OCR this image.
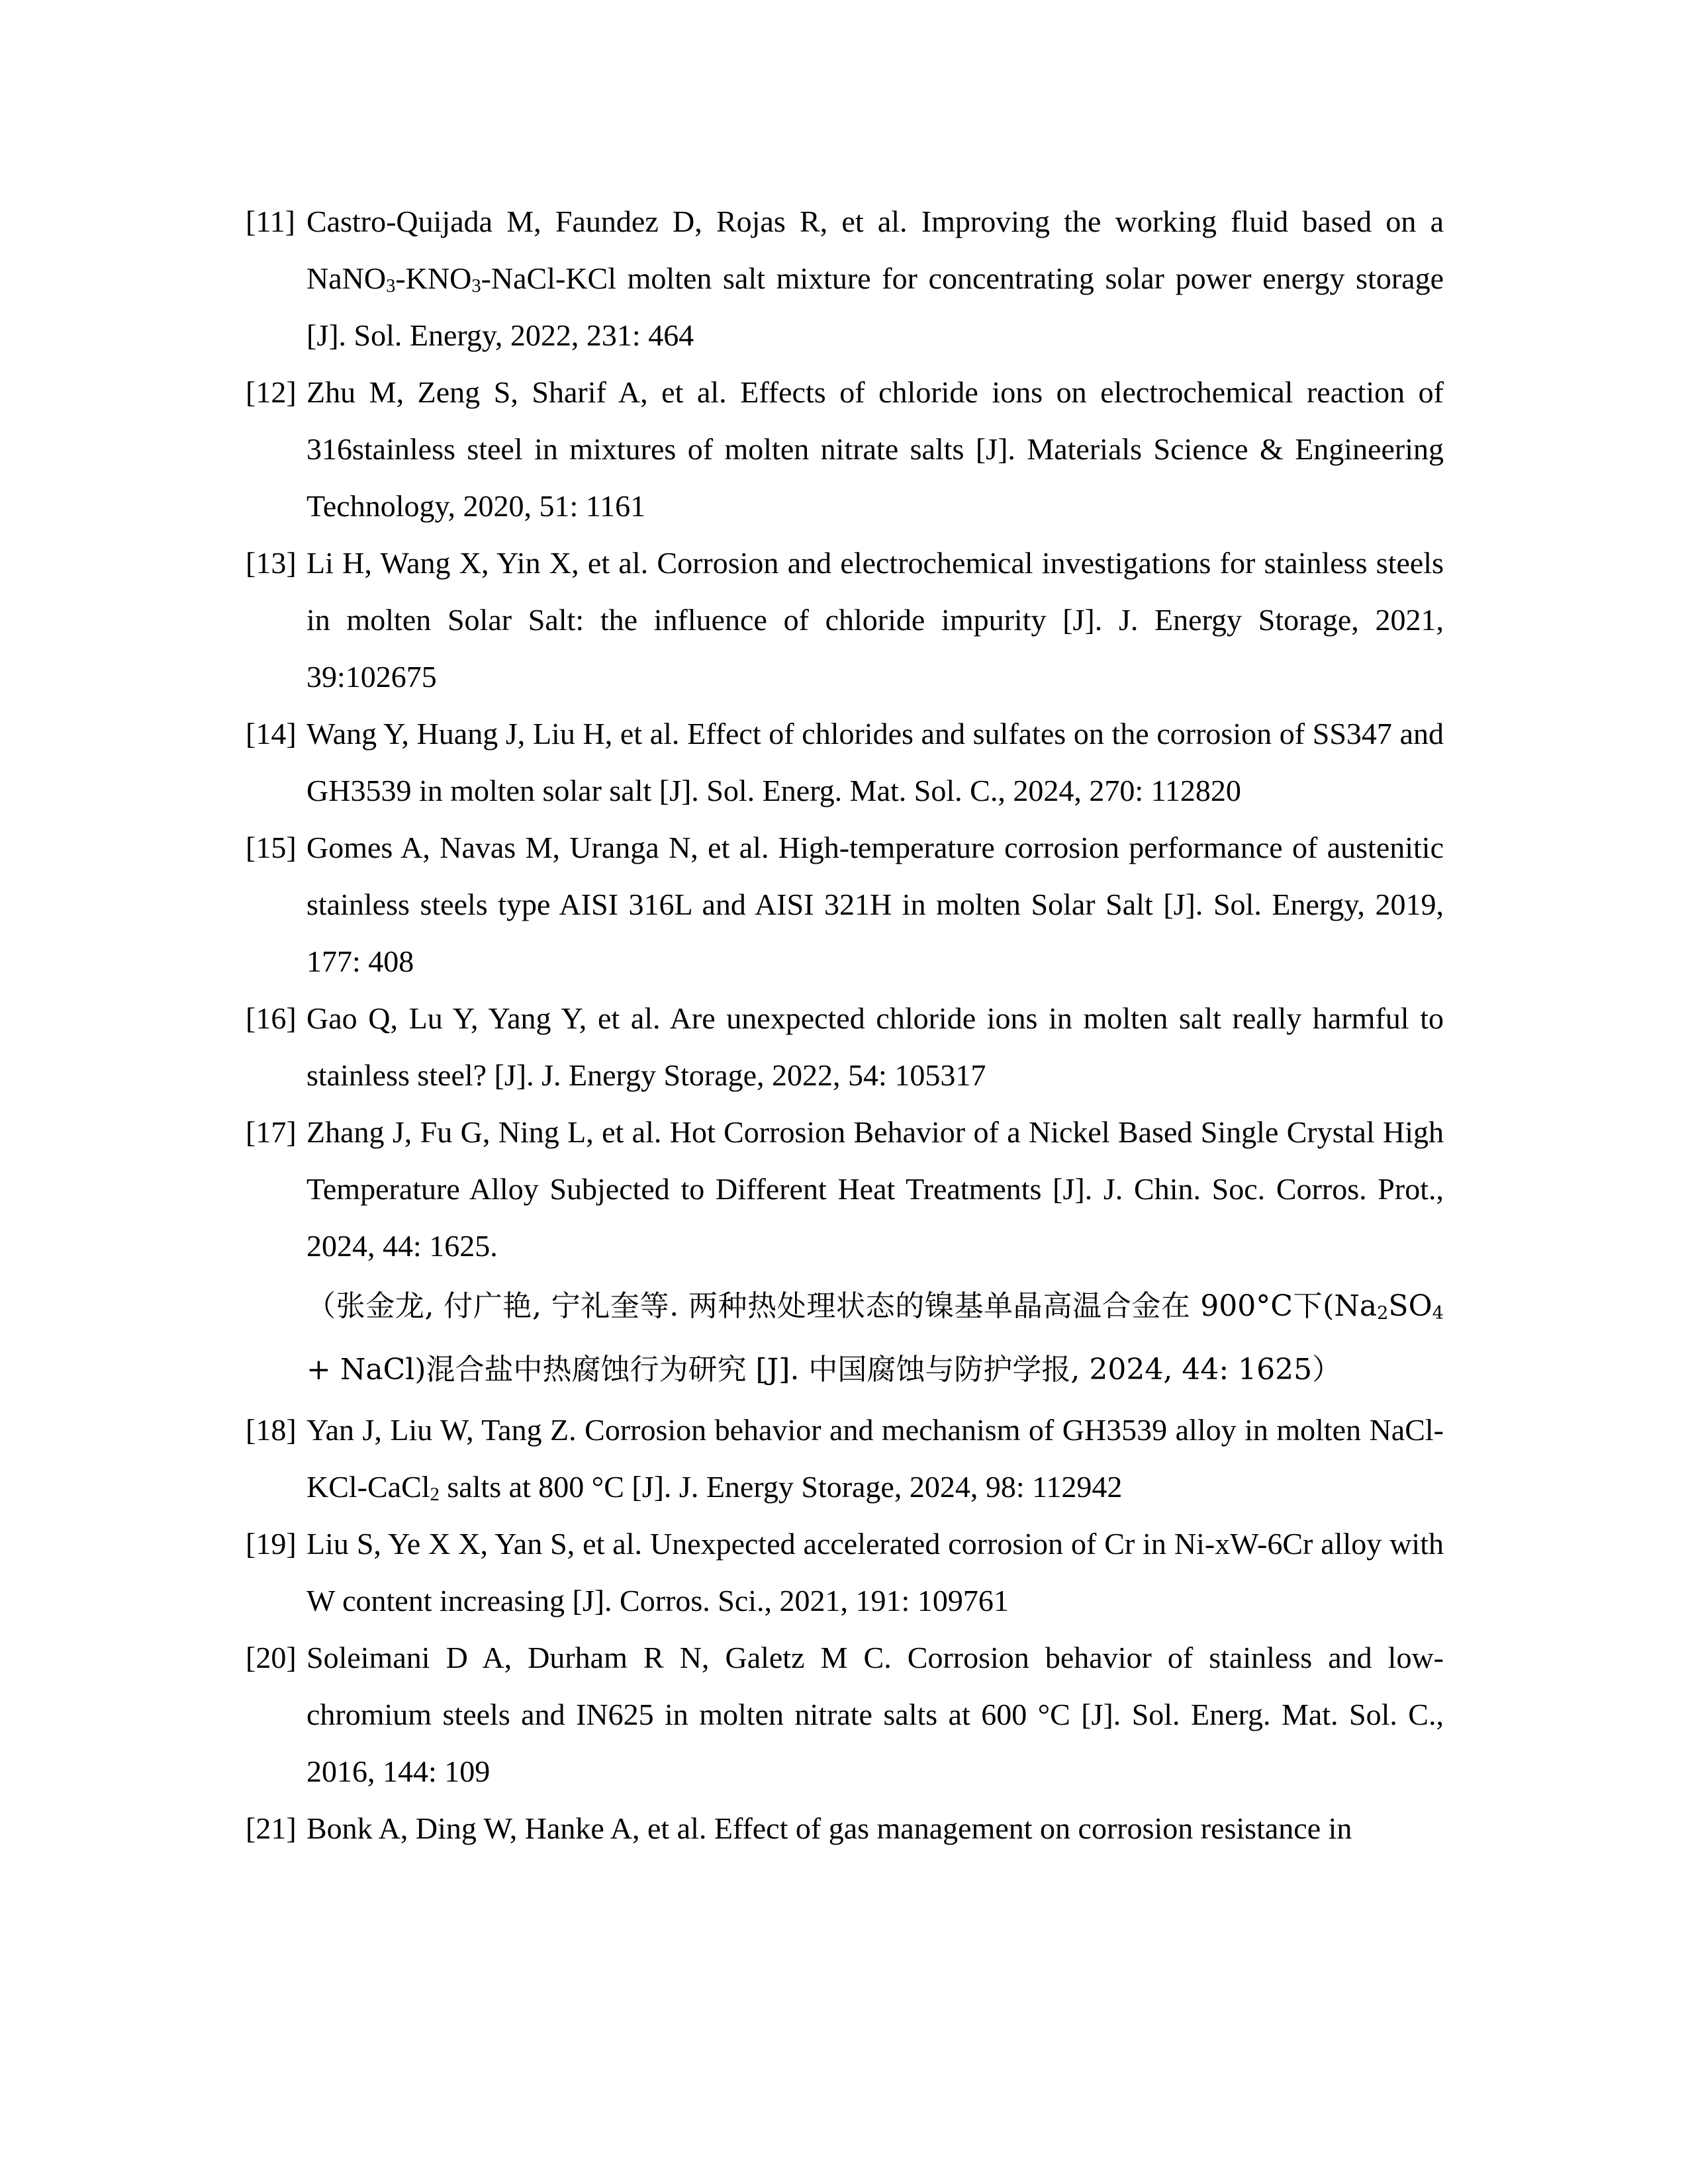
[11] Castro-Quijada M, Faundez D, Rojas R, et al. Improving the working fluid based on a $NaNO_3-KNO_3-NaCl$-KCl molten salt mixture for concentrating solar power energy storage [J]. Sol. Energy, 2022, 231: 464
[12] Zhu M, Zeng S, Sharif A, et al. Effects of chloride ions on electrochemical reaction of 316stainless steel in mixtures of molten nitrate salts [J]. Materials Science & Engineering Technology, 2020, 51: 1161
[13] Li H, Wang X, Yin X, et al. Corrosion and electrochemical investigations for stainless steels in molten Solar Salt: the influence of chloride impurity [J]. J. Energy Storage, 2021, 39:102675
[14] Wang Y, Huang J, Liu H, et al. Effect of chlorides and sulfates on the corrosion of SS347 and GH3539 in molten solar salt [J]. Sol. Energ. Mat. Sol. C., 2024, 270: 112820
[15] Gomes A, Navas M, Uranga N, et al. High-temperature corrosion performance of austenitic stainless steels type AISI 316L and AISI 321H in molten Solar Salt [J]. Sol. Energy, 2019, 177: 408
[16] Gao Q, Lu Y, Yang Y, et al. Are unexpected chloride ions in molten salt really harmful to stainless steel? [J]. J. Energy Storage, 2022, 54: 105317
[17] Zhang J, Fu G, Ning L, et al. Hot Corrosion Behavior of a Nickel Based Single Crystal High Temperature Alloy Subjected to Different Heat Treatments [J]. J. Chin. Soc. Corros. Prot., 2024, 44: 1625.
（张金龙, 付广艳, 宁礼奎等. 两种热处理状态的镍基单晶高温合金在 900°C下($Na_2SO_4$ + NaCl)混合盐中热腐蚀行为研究 [J]. 中国腐蚀与防护学报, 2024, 44: 1625）
[18] Yan J, Liu W, Tang Z. Corrosion behavior and mechanism of GH3539 alloy in molten NaCl-KCl-CaCl$_2$ salts at 800 °C [J]. J. Energy Storage, 2024, 98: 112942
[19] Liu S, Ye X X, Yan S, et al. Unexpected accelerated corrosion of Cr in Ni-xW-6Cr alloy with W content increasing [J]. Corros. Sci., 2021, 191: 109761
[20] Soleimani D A, Durham R N, Galetz M C. Corrosion behavior of stainless and low-chromium steels and IN625 in molten nitrate salts at 600 °C [J]. Sol. Energ. Mat. Sol. C., 2016, 144: 109
[21] Bonk A, Ding W, Hanke A, et al. Effect of gas management on corrosion resistance in
